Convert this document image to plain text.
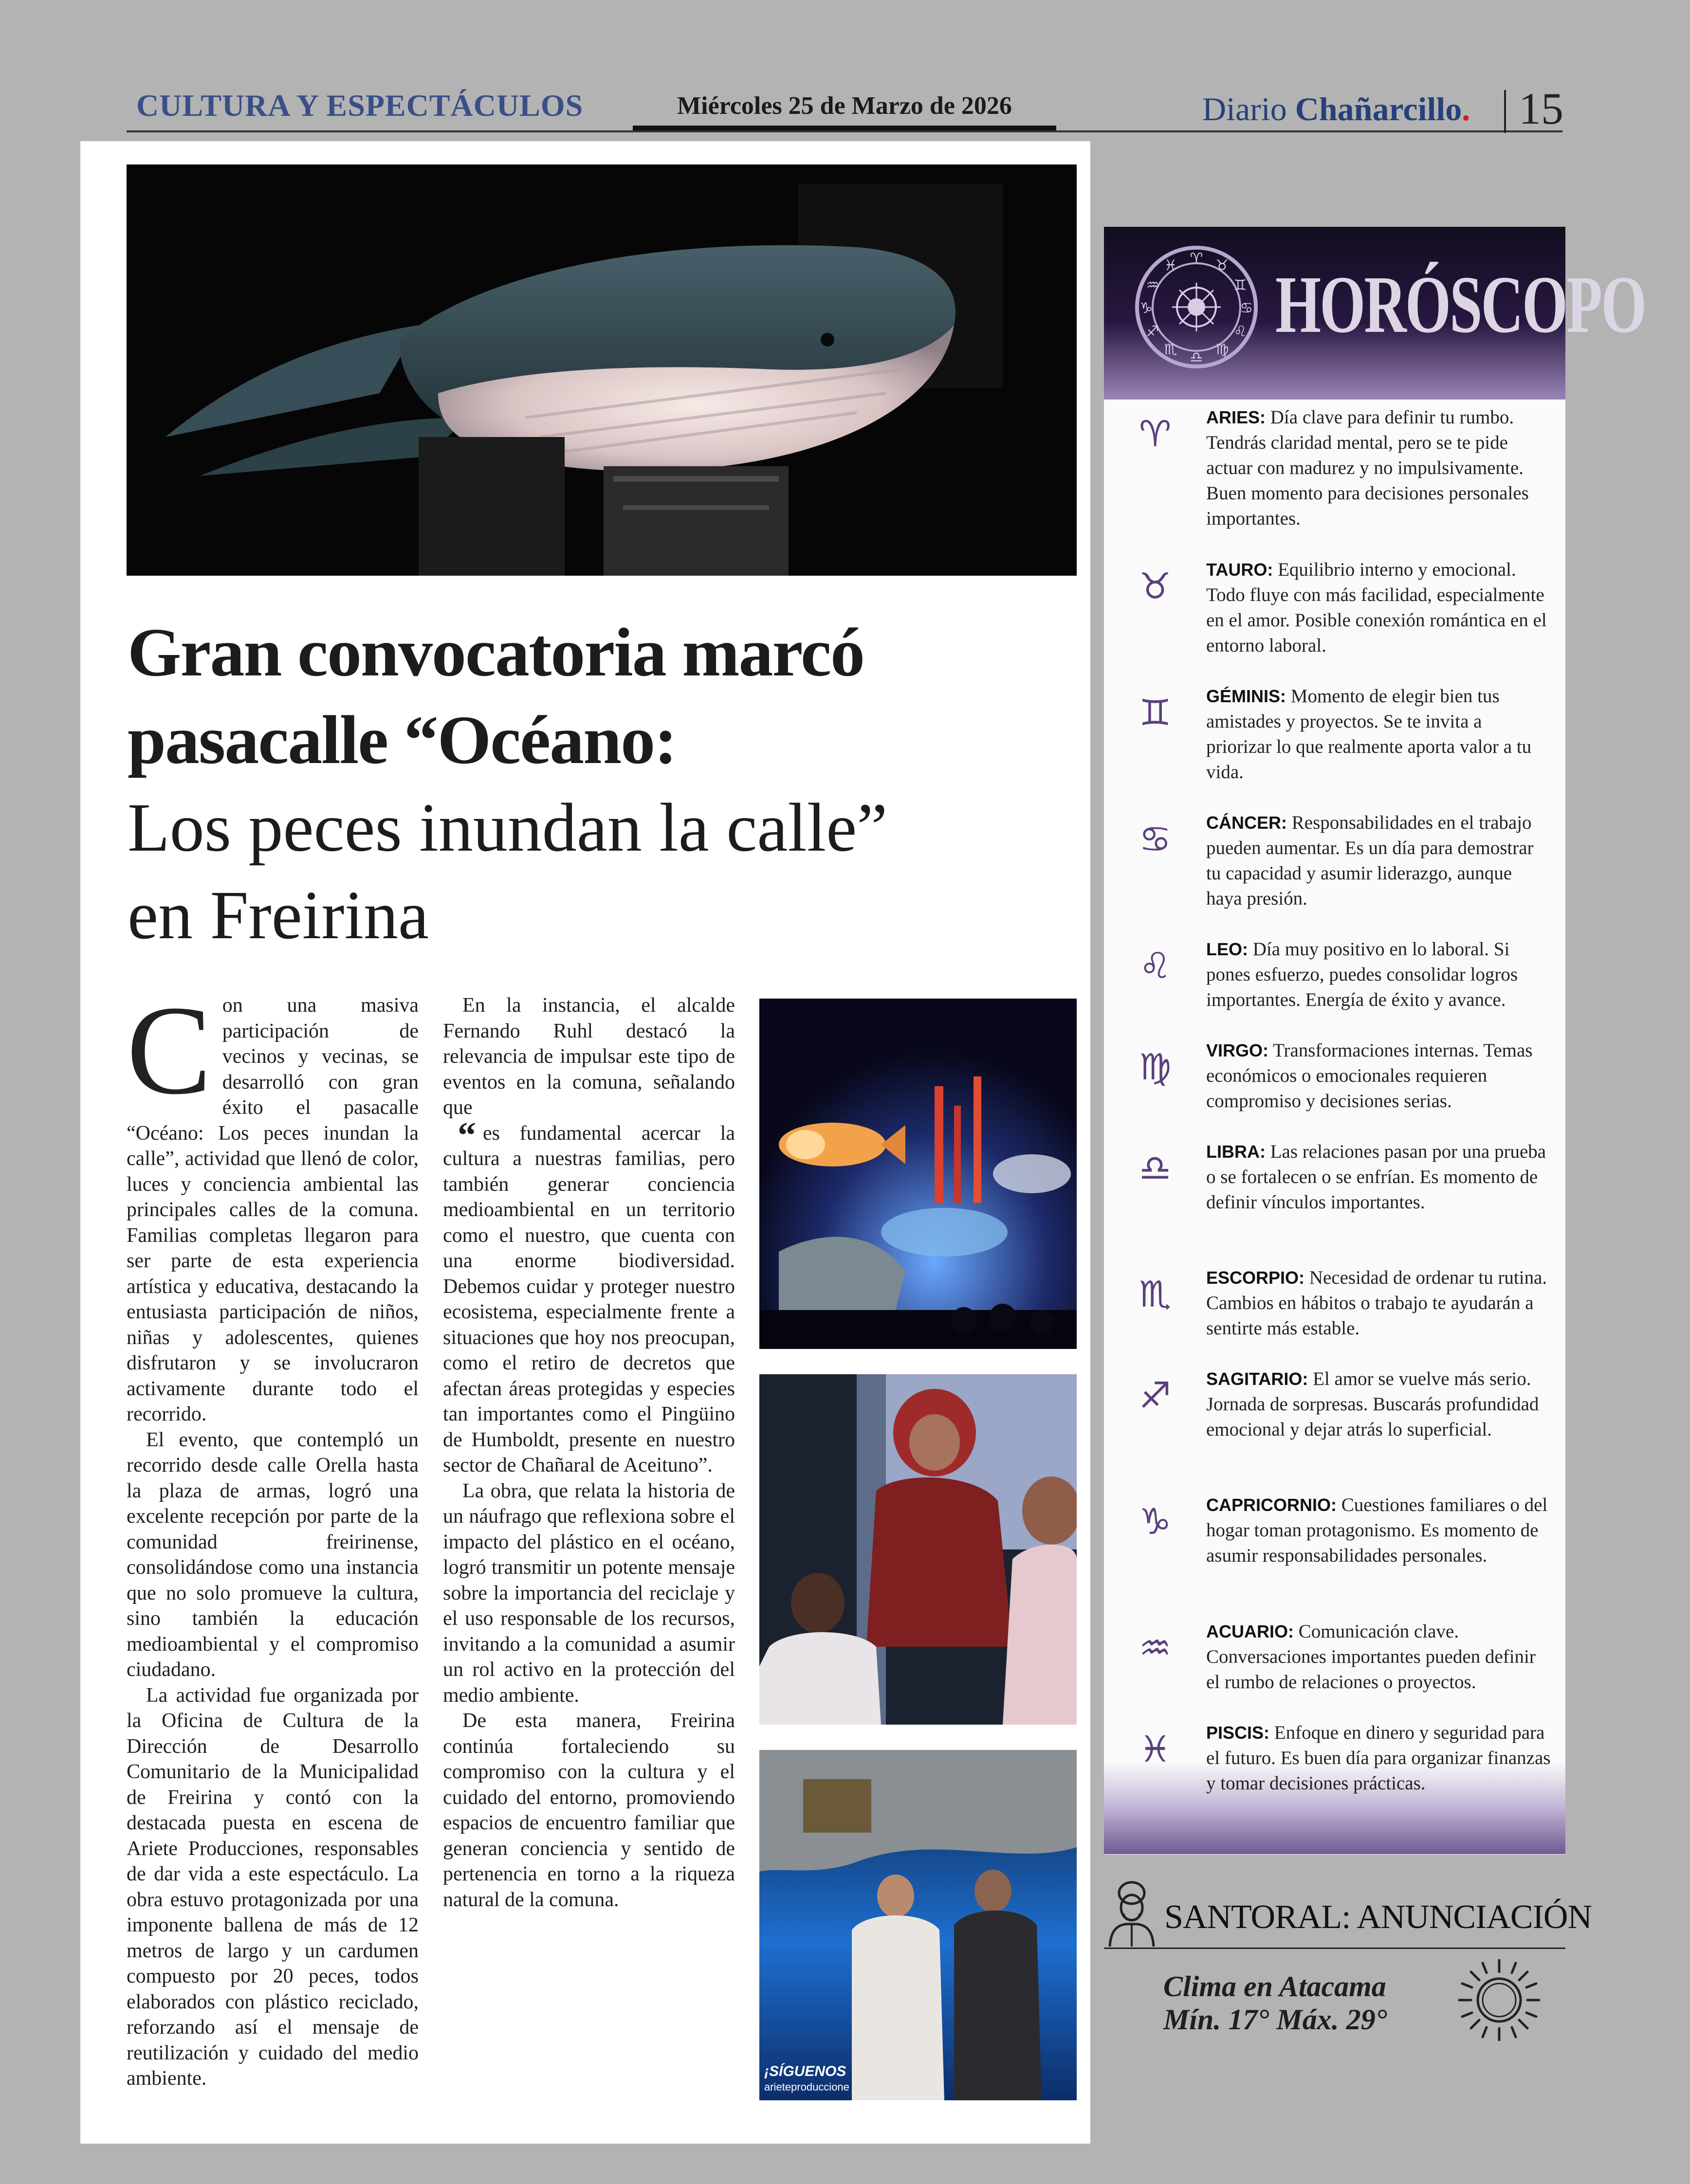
CULTURA Y ESPECTÁCULOS	Miércoles 25 de Marzo de 2026	Diario Chañarcillo. 15
Gran convocatoria marcó
pasacalle “Océano:
Los peces inundan la calle”
en Freirina

Con una masiva participación de vecinos y vecinas, se desarrolló con gran éxito el pasacalle “Océano: Los peces inundan la calle”, actividad que llenó de color, luces y conciencia ambiental las principales calles de la comuna. Familias completas llegaron para ser parte de esta experiencia artística y educativa, destacando la entusiasta participación de niños, niñas y adolescentes, quienes disfrutaron y se involucraron activamente durante todo el recorrido.

El evento, que contempló un recorrido desde calle Orella hasta la plaza de armas, logró una excelente recepción por parte de la comunidad freirinense, consolidándose como una instancia que no solo promueve la cultura, sino también la educación medioambiental y el compromiso ciudadano.

La actividad fue organizada por la Oficina de Cultura de la Dirección de Desarrollo Comunitario de la Municipalidad de Freirina y contó con la destacada puesta en escena de Ariete Producciones, responsables de dar vida a este espectáculo. La obra estuvo protagonizada por una imponente ballena de más de 12 metros de largo y un cardumen compuesto por 20 peces, todos elaborados con plástico reciclado, reforzando así el mensaje de reutilización y cuidado del medio ambiente.

En la instancia, el alcalde Fernando Ruhl destacó la relevancia de impulsar este tipo de eventos en la comuna, señalando que

“ es fundamental acercar la cultura a nuestras familias, pero también generar conciencia medioambiental en un territorio como el nuestro, que cuenta con una enorme biodiversidad. Debemos cuidar y proteger nuestro ecosistema, especialmente frente a situaciones que hoy nos preocupan, como el retiro de decretos que afectan áreas protegidas y especies tan importantes como el Pingüino de Humboldt, presente en nuestro sector de Chañaral de Aceituno”.

La obra, que relata la historia de un náufrago que reflexiona sobre el impacto del plástico en el océano, logró transmitir un potente mensaje sobre la importancia del reciclaje y el uso responsable de los recursos, invitando a la comunidad a asumir un rol activo en la protección del medio ambiente.

De esta manera, Freirina continúa fortaleciendo su compromiso con la cultura y el cuidado del entorno, promoviendo espacios de encuentro familiar que generan conciencia y sentido de pertenencia en torno a la riqueza natural de la comuna.

¡SÍGUENOS
arieteproduccione
♈ ♉
♊
♋
♌
♍
♎
♏
♐
♑
♒
♓ HORÓSCOPO
♈	ARIES: Día clave para definir tu rumbo. Tendrás claridad mental, pero se te pide actuar con madurez y no impulsivamente. Buen momento para decisiones personales importantes.
♉	TAURO: Equilibrio interno y emocional. Todo fluye con más facilidad, especialmente en el amor. Posible conexión romántica en el entorno laboral.
♊	GÉMINIS: Momento de elegir bien tus amistades y proyectos. Se te invita a priorizar lo que realmente aporta valor a tu vida.
♋	CÁNCER: Responsabilidades en el trabajo pueden aumentar. Es un día para demostrar tu capacidad y asumir liderazgo, aunque haya presión.
♌	LEO: Día muy positivo en lo laboral. Si pones esfuerzo, puedes consolidar logros importantes. Energía de éxito y avance.
♍	VIRGO: Transformaciones internas. Temas económicos o emocionales requieren compromiso y decisiones serias.
♎	LIBRA: Las relaciones pasan por una prueba o se fortalecen o se enfrían. Es momento de definir vínculos importantes.
♏	ESCORPIO: Necesidad de ordenar tu rutina. Cambios en hábitos o trabajo te ayudarán a sentirte más estable.
♐	SAGITARIO: El amor se vuelve más serio. Jornada de sorpresas. Buscarás profundidad emocional y dejar atrás lo superficial.
♑	CAPRICORNIO: Cuestiones familiares o del hogar toman protagonismo. Es momento de asumir responsabilidades personales.
♒	ACUARIO: Comunicación clave. Conversaciones importantes pueden definir el rumbo de relaciones o proyectos.
♓	PISCIS: Enfoque en dinero y seguridad para el futuro. Es buen día para organizar finanzas y tomar decisiones prácticas.
SANTORAL: ANUNCIACIÓN
Clima en Atacama
Mín. 17° Máx. 29°
